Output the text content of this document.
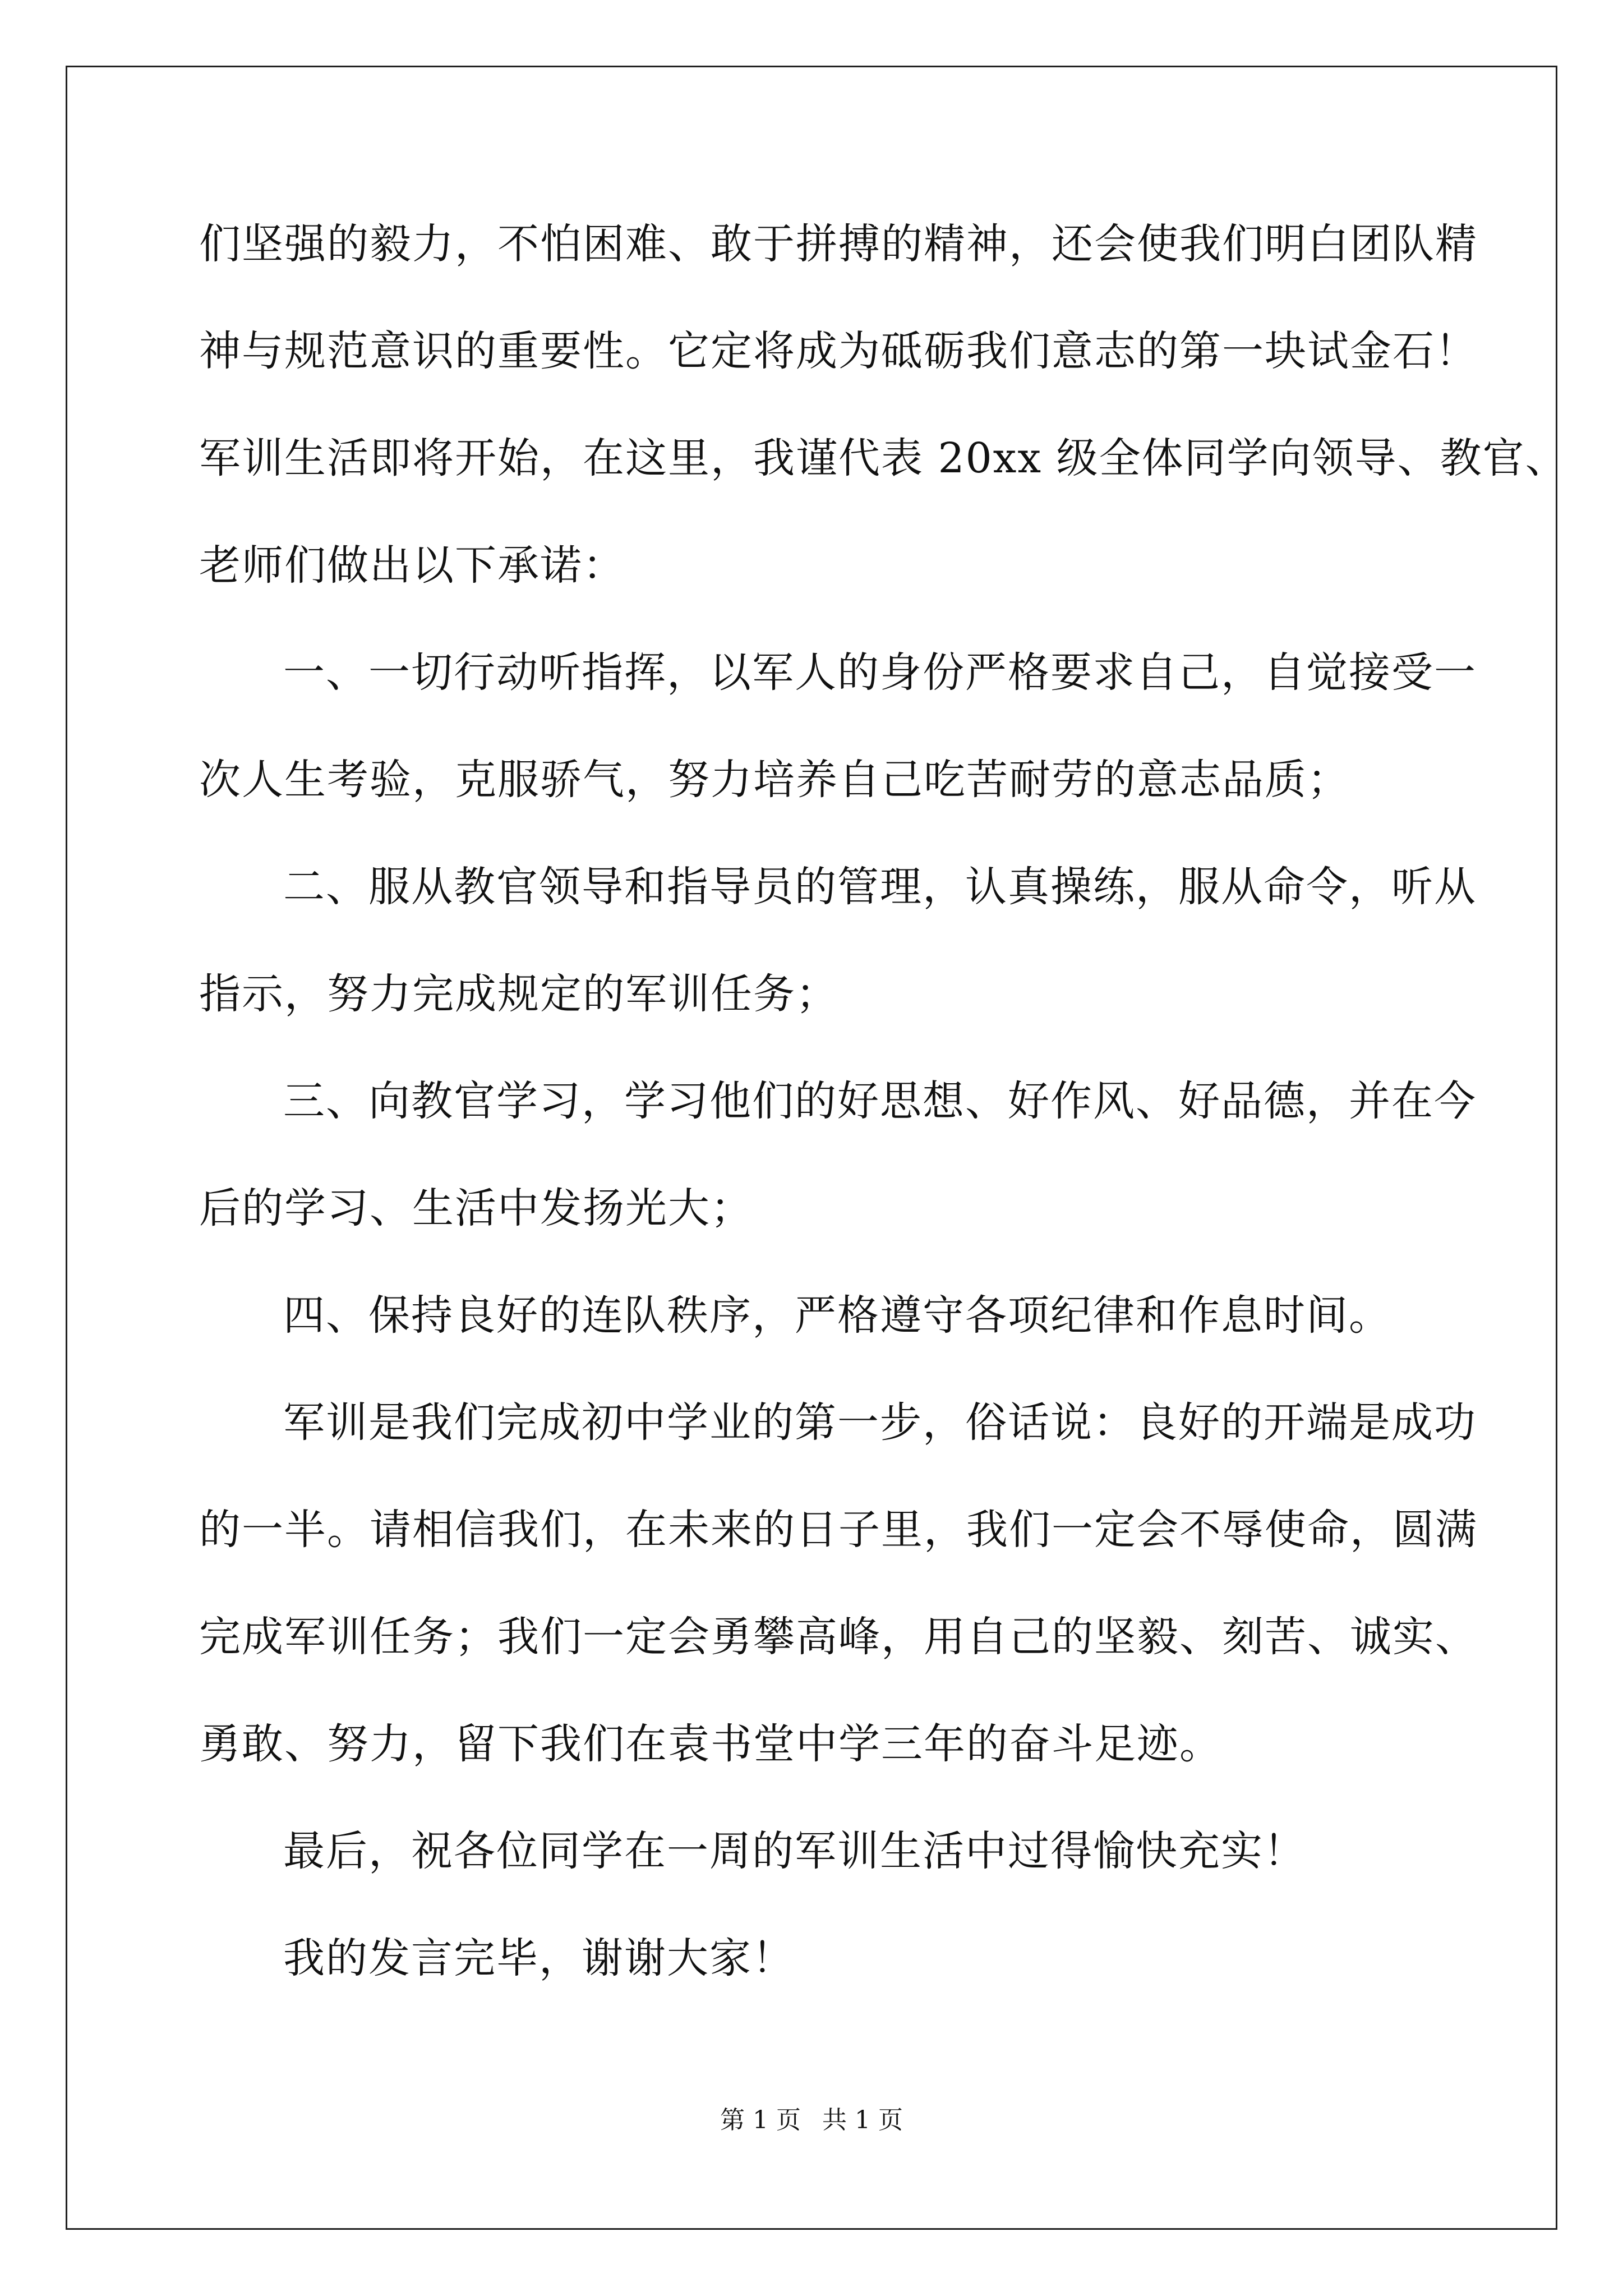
们坚强的毅力，不怕困难、敢于拼搏的精神，还会使我们明白团队精
神与规范意识的重要性。它定将成为砥砺我们意志的第一块试金石！
军训生活即将开始，在这里，我谨代表 20xx 级全体同学向领导、教官、
老师们做出以下承诺：
一、一切行动听指挥，以军人的身份严格要求自己，自觉接受一
次人生考验，克服骄气，努力培养自己吃苦耐劳的意志品质；
二、服从教官领导和指导员的管理，认真操练，服从命令，听从
指示，努力完成规定的军训任务；
三、向教官学习，学习他们的好思想、好作风、好品德，并在今
后的学习、生活中发扬光大；
四、保持良好的连队秩序，严格遵守各项纪律和作息时间。
军训是我们完成初中学业的第一步，俗话说：良好的开端是成功
的一半。请相信我们，在未来的日子里，我们一定会不辱使命，圆满
完成军训任务；我们一定会勇攀高峰，用自己的坚毅、刻苦、诚实、
勇敢、努力，留下我们在袁书堂中学三年的奋斗足迹。
最后，祝各位同学在一周的军训生活中过得愉快充实！
我的发言完毕，谢谢大家！
第 1 页 共 1 页
